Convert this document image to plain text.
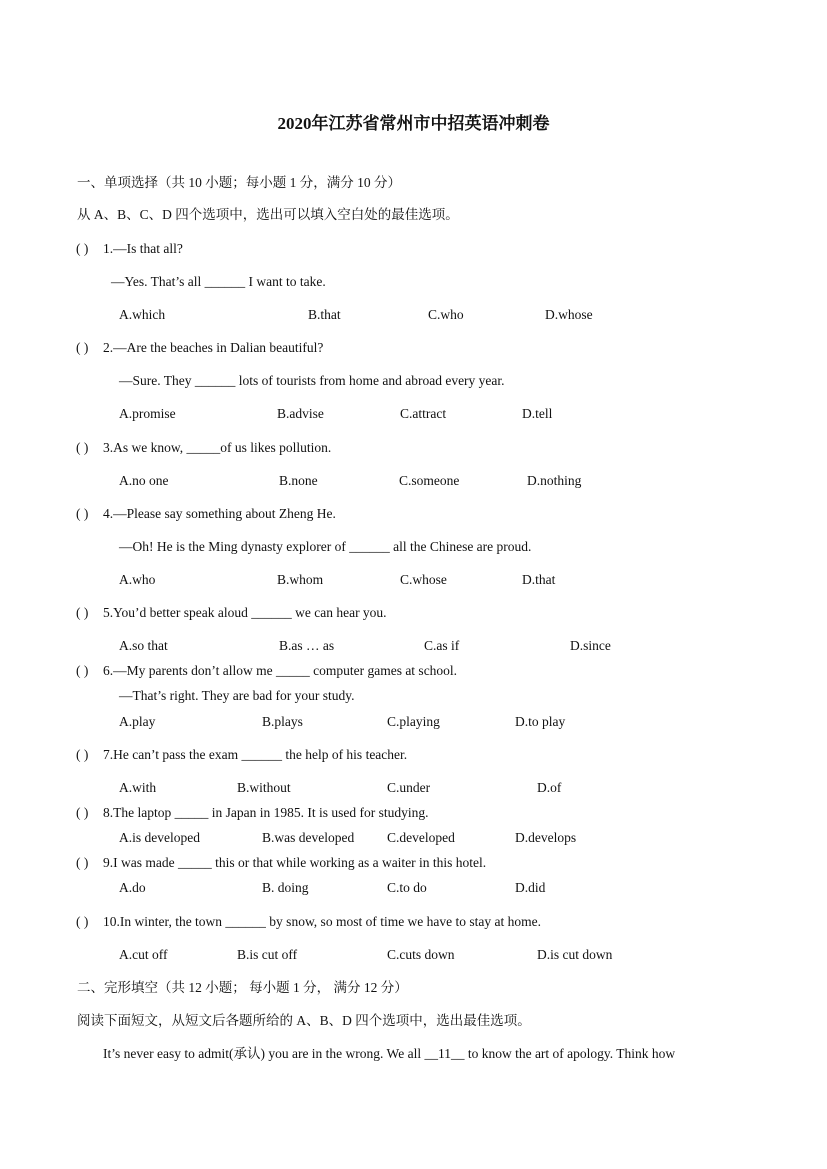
2020年江苏省常州市中招英语冲刺卷
一、单项选择（共 10 小题；每小题 1 分，满分 10 分）
从 A、B、C、D 四个选项中，选出可以填入空白处的最佳选项。
( ) 1.—Is that all?
—Yes. That’s all ______ I want to take.
A.which	B.that	C.who	D.whose
( ) 2.—Are the beaches in Dalian beautiful?
—Sure. They ______ lots of tourists from home and abroad every year.
A.promise	B.advise	C.attract	D.tell
( ) 3.As we know, _____of us likes pollution.
A.no one	B.none	C.someone	D.nothing
( ) 4.—Please say something about Zheng He.
—Oh! He is the Ming dynasty explorer of ______ all the Chinese are proud.
A.who	B.whom	C.whose	D.that
( ) 5.You’d better speak aloud ______ we can hear you.
A.so that	B.as … as	C.as if	D.since
( ) 6.—My parents don’t allow me _____ computer games at school.
—That’s right. They are bad for your study.
A.play	B.plays	C.playing	D.to play
( ) 7.He can’t pass the exam ______ the help of his teacher.
A.with	B.without	C.under	D.of
( ) 8.The laptop _____ in Japan in 1985. It is used for studying.
A.is developed	B.was developed C.developed	D.develops
( ) 9.I was made _____ this or that while working as a waiter in this hotel.
A.do	B. doing	C.to do	D.did
( ) 10.In winter, the town ______ by snow, so most of time we have to stay at home.
A.cut off	B.is cut off	C.cuts down	D.is cut down
二、完形填空（共 12 小题； 每小题 1 分， 满分 12 分）
阅读下面短文，从短文后各题所给的 A、B、D 四个选项中，选出最佳选项。
It’s never easy to admit(承认) you are in the wrong. We all __11__ to know the art of apology. Think how
